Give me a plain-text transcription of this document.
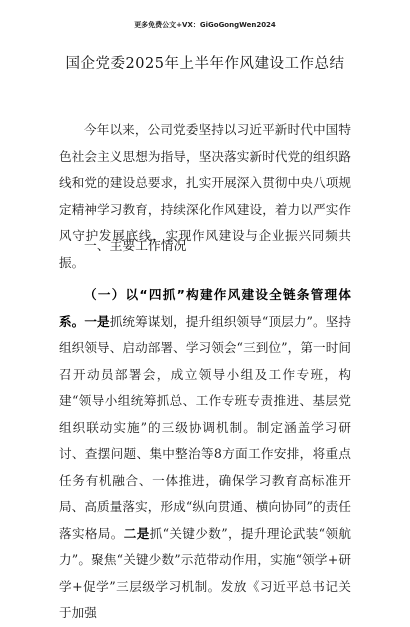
更多免费公文+VX：GiGoGongWen2024
国企党委2025年上半年作风建设工作总结

今年以来，公司党委坚持以习近平新时代中国特色社会主义思想为指导，坚决落实新时代党的组织路线和党的建设总要求，扎实开展深入贯彻中央八项规定精神学习教育，持续深化作风建设，着力以严实作风守护发展底线，实现作风建设与企业振兴同频共振。

一、主要工作情况

（一）以“四抓”构建作风建设全链条管理体系。一是抓统筹谋划，提升组织领导“顶层力”。坚持组织领导、启动部署、学习领会“三到位”，第一时间召开动员部署会，成立领导小组及工作专班，构建“领导小组统筹抓总、工作专班专责推进、基层党组织联动实施”的三级协调机制。制定涵盖学习研讨、查摆问题、集中整治等8方面工作安排，将重点任务有机融合、一体推进，确保学习教育高标准开局、高质量落实，形成“纵向贯通、横向协同”的责任落实格局。二是抓“关键少数”，提升理论武装“领航力”。聚焦“关键少数”示范带动作用，实施“领学+研学+促学”三层级学习机制。发放《习近平总书记关于加强
